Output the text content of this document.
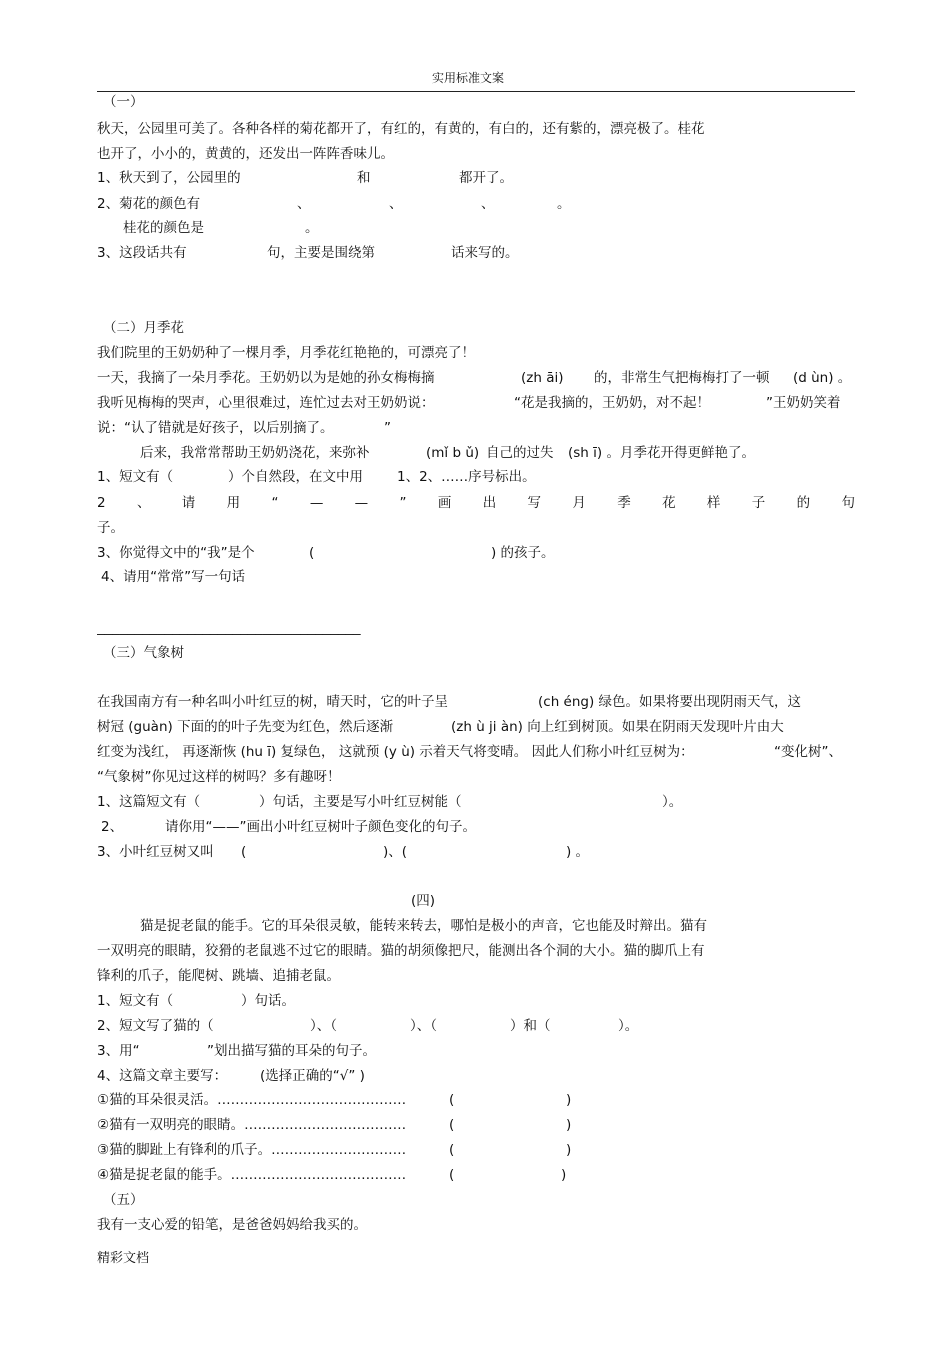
实用标准文案
（一）
秋天，公园里可美了。各种各样的菊花都开了，有红的，有黄的，有白的，还有紫的，漂亮极了。桂花
也开了，小小的，黄黄的，还发出一阵阵香味儿。
1、秋天到了，公园里的	和	都开了。
2、菊花的颜色有	、	、	、	。
桂花的颜色是	。
3、这段话共有	句，主要是围绕第	话来写的。
（二）月季花
我们院里的王奶奶种了一棵月季，月季花红艳艳的，可漂亮了！
一天，我摘了一朵月季花。王奶奶以为是她的孙女梅梅摘	(zh āi) 的，非常生气把梅梅打了一顿 (d ùn) 。
我听见梅梅的哭声，心里很难过，连忙过去对王奶奶说：	“花是我摘的，王奶奶，对不起！	”王奶奶笑着
说：“认了错就是好孩子，以后别摘了。	”
后来，我常常帮助王奶奶浇花，来弥补	(mǐ b ǔ) 自己的过失 (sh ī) 。月季花开得更鲜艳了。
1、短文有（	）个自然段，在文中用	1、2、……序号标出。
2 、 请 用 “ — — ” 画 出 写 月 季 花 样 子 的 句
子。
3、你觉得文中的“我”是个	(	) 的孩子。
4、请用“常常”写一句话
———————————————————————————————————
（三）气象树
在我国南方有一种名叫小叶红豆的树，晴天时，它的叶子呈	(ch éng) 绿色。如果将要出现阴雨天气，这
树冠 (guàn) 下面的的叶子先变为红色，然后逐渐	(zh ù ji àn) 向上红到树顶。如果在阴雨天发现叶片由大
红变为浅红， 再逐渐恢 (hu ī) 复绿色， 这就预 (y ù) 示着天气将变晴。 因此人们称小叶红豆树为：	“变化树”、
“气象树”你见过这样的树吗？多有趣呀！
1、这篇短文有（	）句话，主要是写小叶红豆树能（	）。
2、	请你用“——”画出小叶红豆树叶子颜色变化的句子。
3、小叶红豆树又叫 (	)、(	) 。
(四)
猫是捉老鼠的能手。它的耳朵很灵敏，能转来转去，哪怕是极小的声音，它也能及时辩出。猫有
一双明亮的眼睛，狡猾的老鼠逃不过它的眼睛。猫的胡须像把尺，能测出各个洞的大小。猫的脚爪上有
锋利的爪子，能爬树、跳墙、追捕老鼠。
1、短文有（	）句话。
2、短文写了猫的（	）、（	）、（	）和（	）。
3、用“	”划出描写猫的耳朵的句子。
4、这篇文章主要写： (选择正确的“√” )
①猫的耳朵很灵活。……………………………………	(	)
②猫有一双明亮的眼睛。………………………………	(	)
③猫的脚趾上有锋利的爪子。…………………………	(	)
④猫是捉老鼠的能手。…………………………………	(	)
（五）
我有一支心爱的铅笔，是爸爸妈妈给我买的。
精彩文档
